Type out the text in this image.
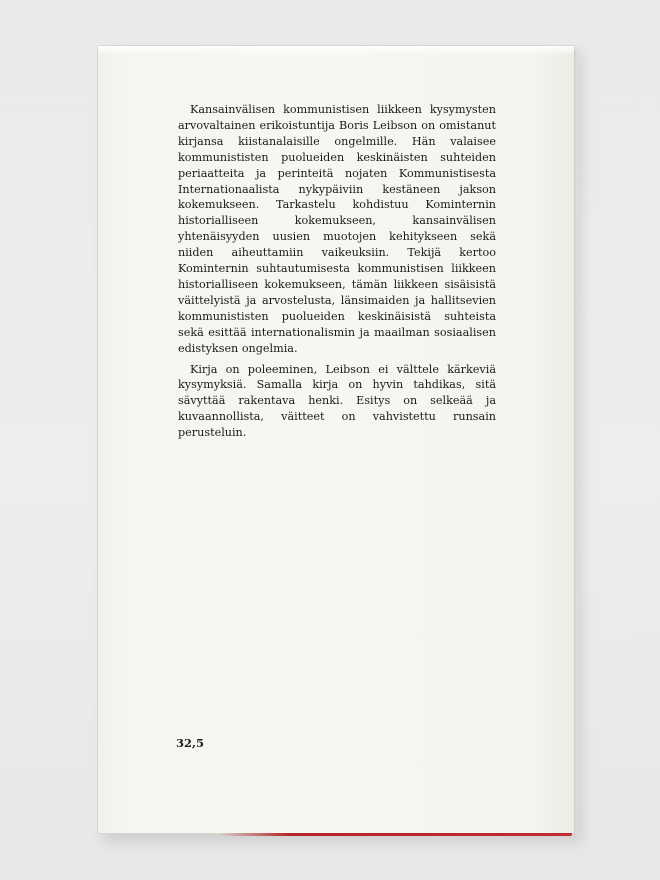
Kansainvälisen kommunistisen liikkeen kysymysten arvovaltainen erikoistuntija Boris Leibson on omistanut kirjansa kiistanalaisille ongelmille. Hän valaisee kommunististen puolueiden keskinäisten suhteiden periaatteita ja perinteitä nojaten Kommunistisesta Internationaalista nykypäiviin kestäneen jakson kokemukseen. Tarkastelu kohdistuu Kominternin historialliseen kokemukseen, kansainvälisen yhtenäisyyden uusien muotojen kehitykseen sekä niiden aiheuttamiin vaikeuksiin. Tekijä kertoo Kominternin suhtautumisesta kommunistisen liikkeen historialliseen kokemukseen, tämän liikkeen sisäisistä väittelyistä ja arvostelusta, länsimaiden ja hallitsevien kommunististen puolueiden keskinäisistä suhteista sekä esittää internationalismin ja maailman sosiaalisen edistyksen ongelmia.

Kirja on poleeminen, Leibson ei välttele kärkeviä kysymyksiä. Samalla kirja on hyvin tahdikas, sitä sävyttää rakentava henki. Esitys on selkeää ja kuvaannollista, väitteet on vahvistettu runsain perusteluin.

32,5
